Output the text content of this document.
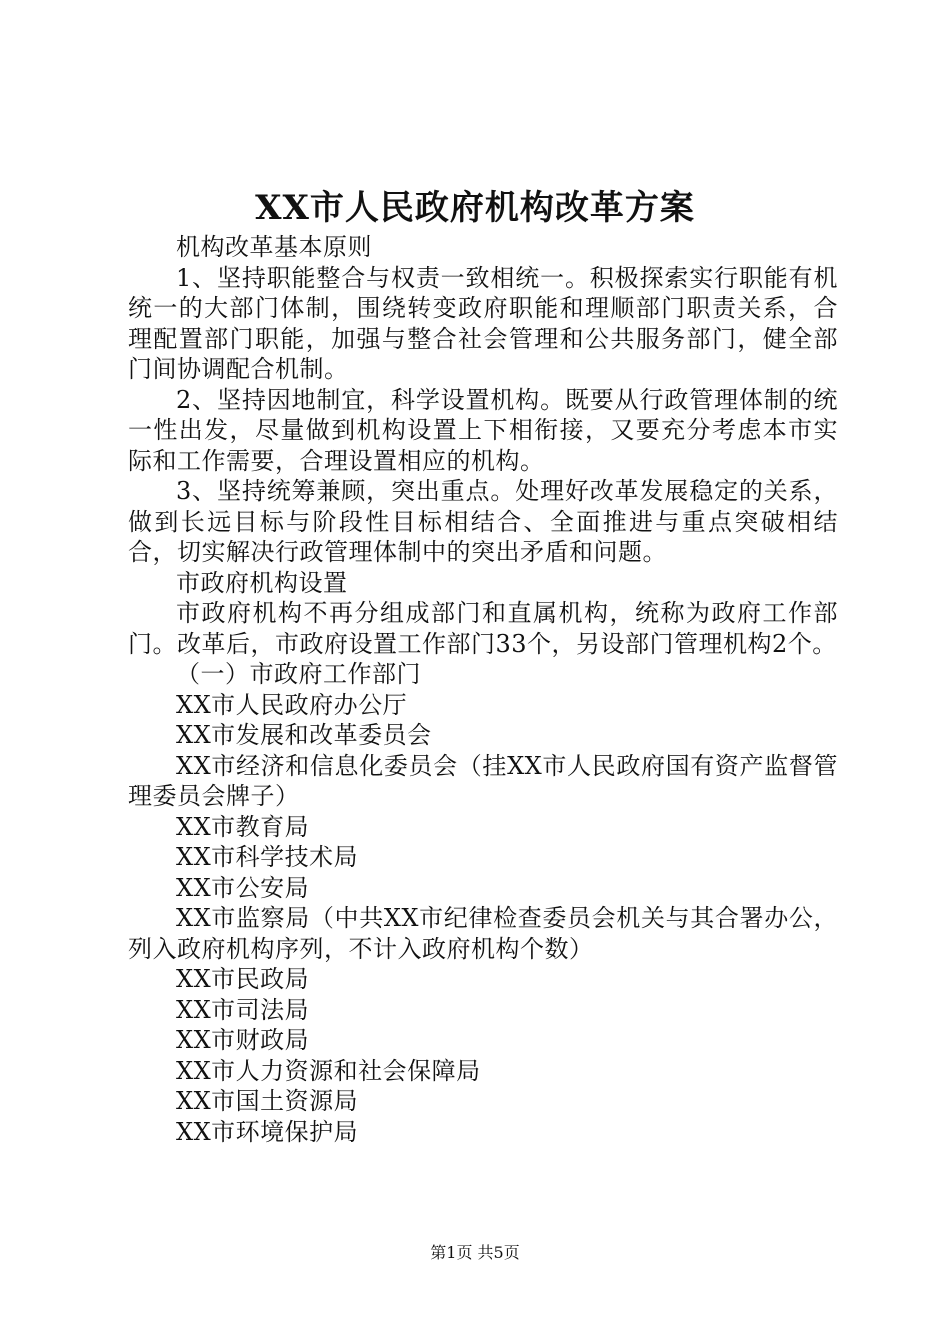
XX市人民政府机构改革方案

机构改革基本原则

1、坚持职能整合与权责一致相统一。积极探索实行职能有机统一的大部门体制，围绕转变政府职能和理顺部门职责关系，合理配置部门职能，加强与整合社会管理和公共服务部门，健全部门间协调配合机制。

2、坚持因地制宜，科学设置机构。既要从行政管理体制的统一性出发，尽量做到机构设置上下相衔接，又要充分考虑本市实际和工作需要，合理设置相应的机构。

3、坚持统筹兼顾，突出重点。处理好改革发展稳定的关系，做到长远目标与阶段性目标相结合、全面推进与重点突破相结合，切实解决行政管理体制中的突出矛盾和问题。

市政府机构设置

市政府机构不再分组成部门和直属机构，统称为政府工作部门。改革后，市政府设置工作部门33个，另设部门管理机构2个。

（一）市政府工作部门

XX市人民政府办公厅

XX市发展和改革委员会

XX市经济和信息化委员会（挂XX市人民政府国有资产监督管理委员会牌子）

XX市教育局

XX市科学技术局

XX市公安局

XX市监察局（中共XX市纪律检查委员会机关与其合署办公，列入政府机构序列，不计入政府机构个数）

XX市民政局

XX市司法局

XX市财政局

XX市人力资源和社会保障局

XX市国土资源局

XX市环境保护局

第1页 共5页
